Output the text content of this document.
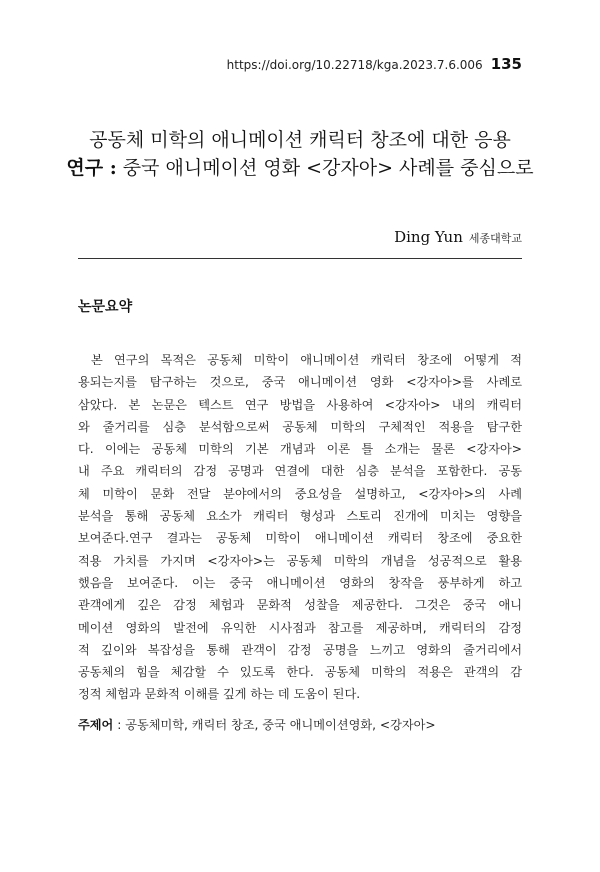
https://doi.org/10.22718/kga.2023.7.6.006 135
공동체 미학의 애니메이션 캐릭터 창조에 대한 응용
연구 : 중국 애니메이션 영화 <강자아> 사례를 중심으로
Ding Yun 세종대학교
논문요약
본 연구의 목적은 공동체 미학이 애니메이션 캐릭터 창조에 어떻게 적
용되는지를 탐구하는 것으로, 중국 애니메이션 영화 <강자아>를 사례로
삼았다. 본 논문은 텍스트 연구 방법을 사용하여 <강자아> 내의 캐릭터
와 줄거리를 심층 분석함으로써 공동체 미학의 구체적인 적용을 탐구한
다. 이에는 공동체 미학의 기본 개념과 이론 틀 소개는 물론 <강자아>
내 주요 캐릭터의 감정 공명과 연결에 대한 심층 분석을 포함한다. 공동
체 미학이 문화 전달 분야에서의 중요성을 설명하고, <강자아>의 사례
분석을 통해 공동체 요소가 캐릭터 형성과 스토리 진개에 미치는 영향을
보여준다.연구 결과는 공동체 미학이 애니메이션 캐릭터 창조에 중요한
적용 가치를 가지며 <강자아>는 공동체 미학의 개념을 성공적으로 활용
했음을 보여준다. 이는 중국 애니메이션 영화의 창작을 풍부하게 하고
관객에게 깊은 감정 체험과 문화적 성찰을 제공한다. 그것은 중국 애니
메이션 영화의 발전에 유익한 시사점과 참고를 제공하며, 캐릭터의 감정
적 깊이와 복잡성을 통해 관객이 감정 공명을 느끼고 영화의 줄거리에서
공동체의 힘을 체감할 수 있도록 한다. 공동체 미학의 적용은 관객의 감
정적 체험과 문화적 이해를 깊게 하는 데 도움이 된다.
주제어 : 공동체미학, 캐릭터 창조, 중국 애니메이션영화, <강자아>
